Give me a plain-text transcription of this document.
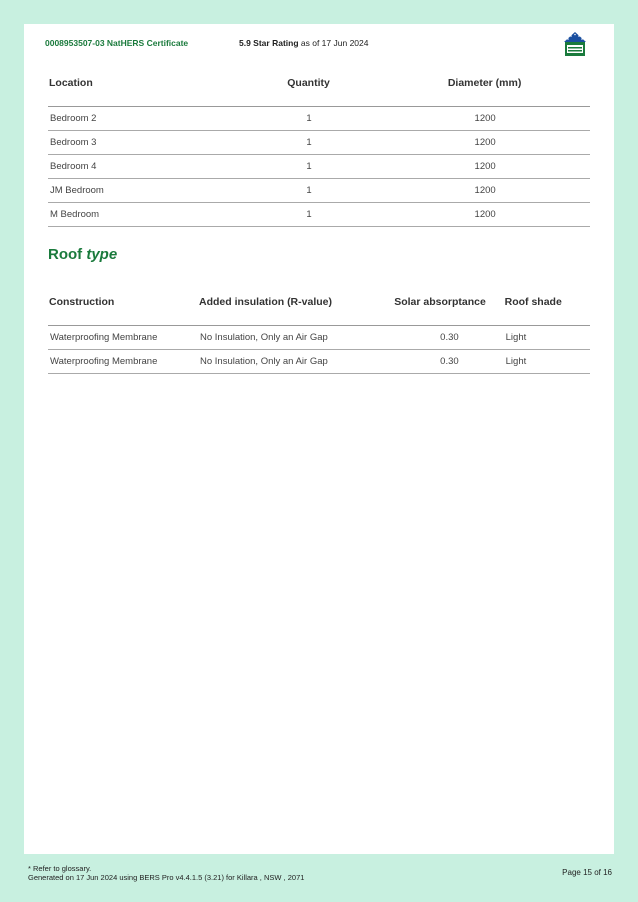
0008953507-03 NatHERS Certificate	5.9 Star Rating as of 17 Jun 2024
Location	Quantity	Diameter (mm)
Bedroom 2	1	1200
Bedroom 3	1	1200
Bedroom 4	1	1200
JM Bedroom	1	1200
M Bedroom	1	1200
Roof type
Construction	Added insulation (R-value)	Solar absorptance	Roof shade
Waterproofing Membrane	No Insulation, Only an Air Gap	0.30	Light
Waterproofing Membrane	No Insulation, Only an Air Gap	0.30	Light
* Refer to glossary.
Generated on 17 Jun 2024 using BERS Pro v4.4.1.5 (3.21) for Killara , NSW , 2071
Page 15 of 16
